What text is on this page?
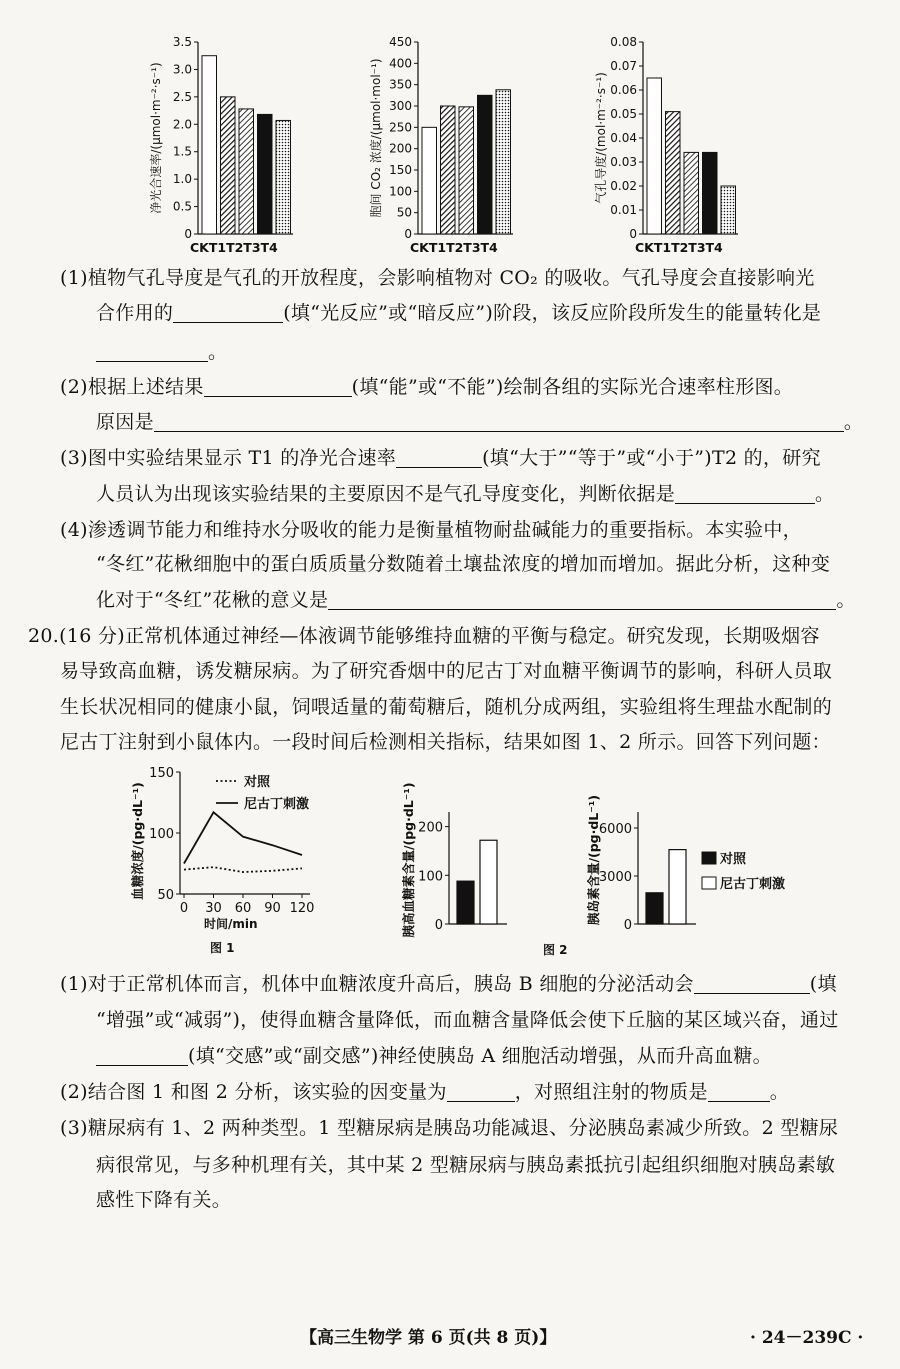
0
0.5
1.0
1.5
2.0
2.5
3.0
3.5
CKT1T2T3T4
净光合速率/(μmol·m⁻²·s⁻¹)
0
50
100
150
200
250
300
350
400
450
CKT1T2T3T4
胞间 CO₂ 浓度/(μmol·mol⁻¹)
0
0.01
0.02
0.03
0.04
0.05
0.06
0.07
0.08
CKT1T2T3T4
气孔导度/(mol·m⁻²·s⁻¹)
(1)植物气孔导度是气孔的开放程度，会影响植物对 CO₂ 的吸收。气孔导度会直接影响光
合作用的	(填“光反应”或“暗反应”)阶段，该反应阶段所发生的能量转化是
。
(2)根据上述结果	(填“能”或“不能”)绘制各组的实际光合速率柱形图。
原因是	。
(3)图中实验结果显示 T1 的净光合速率	(填“大于”“等于”或“小于”)T2 的，研究
人员认为出现该实验结果的主要原因不是气孔导度变化，判断依据是	。
(4)渗透调节能力和维持水分吸收的能力是衡量植物耐盐碱能力的重要指标。本实验中，
“冬红”花楸细胞中的蛋白质质量分数随着土壤盐浓度的增加而增加。据此分析，这种变
化对于“冬红”花楸的意义是	。
20.(16 分)正常机体通过神经—体液调节能够维持血糖的平衡与稳定。研究发现，长期吸烟容
易导致高血糖，诱发糖尿病。为了研究香烟中的尼古丁对血糖平衡调节的影响，科研人员取
生长状况相同的健康小鼠，饲喂适量的葡萄糖后，随机分成两组，实验组将生理盐水配制的
尼古丁注射到小鼠体内。一段时间后检测相关指标，结果如图 1、2 所示。回答下列问题：
50
100
150
0 30 60 90 120
对照
尼古丁刺激
时间/min
图 1
血糖浓度/(pg·dL⁻¹)
0
100
200
胰高血糖素含量/(pg·dL⁻¹)
图 2
0
3000
6000
胰岛素含量/(pg·dL⁻¹)	对照
尼古丁刺激
(1)对于正常机体而言，机体中血糖浓度升高后，胰岛 B 细胞的分泌活动会	(填
“增强”或“减弱”)，使得血糖含量降低，而血糖含量降低会使下丘脑的某区域兴奋，通过
(填“交感”或“副交感”)神经使胰岛 A 细胞活动增强，从而升高血糖。
(2)结合图 1 和图 2 分析，该实验的因变量为	，对照组注射的物质是	。
(3)糖尿病有 1、2 两种类型。1 型糖尿病是胰岛功能减退、分泌胰岛素减少所致。2 型糖尿
病很常见，与多种机理有关，其中某 2 型糖尿病与胰岛素抵抗引起组织细胞对胰岛素敏
感性下降有关。
【高三生物学 第 6 页(共 8 页)】	· 24－239C ·
